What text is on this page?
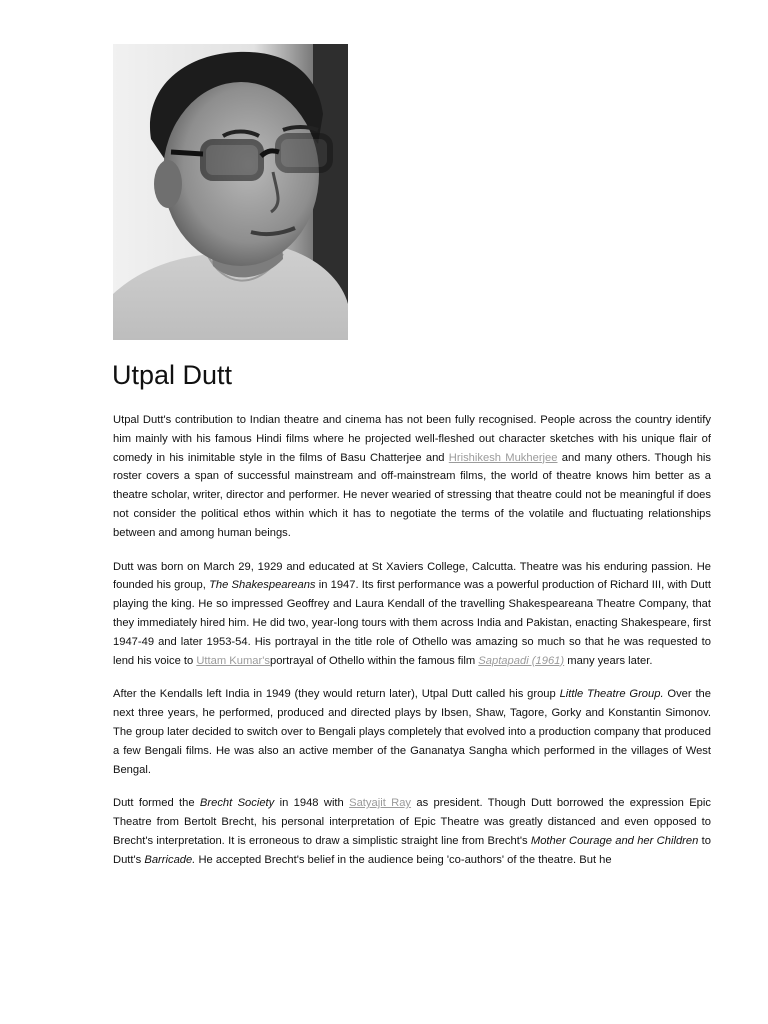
Utpal Dutt

Utpal Dutt's contribution to Indian theatre and cinema has not been fully recognised. People across the country identify him mainly with his famous Hindi films where he projected well-fleshed out character sketches with his unique flair of comedy in his inimitable style in the films of Basu Chatterjee and Hrishikesh Mukherjee and many others. Though his roster covers a span of successful mainstream and off-mainstream films, the world of theatre knows him better as a theatre scholar, writer, director and performer. He never wearied of stressing that theatre could not be meaningful if does not consider the political ethos within which it has to negotiate the terms of the volatile and fluctuating relationships between and among human beings.

Dutt was born on March 29, 1929 and educated at St Xaviers College, Calcutta. Theatre was his enduring passion. He founded his group, The Shakespeareans in 1947. Its first performance was a powerful production of Richard III, with Dutt playing the king. He so impressed Geoffrey and Laura Kendall of the travelling Shakespeareana Theatre Company, that they immediately hired him. He did two, year-long tours with them across India and Pakistan, enacting Shakespeare, first 1947-49 and later 1953-54. His portrayal in the title role of Othello was amazing so much so that he was requested to lend his voice to Uttam Kumar'sportrayal of Othello within the famous film Saptapadi (1961) many years later.

After the Kendalls left India in 1949 (they would return later), Utpal Dutt called his group Little Theatre Group. Over the next three years, he performed, produced and directed plays by Ibsen, Shaw, Tagore, Gorky and Konstantin Simonov. The group later decided to switch over to Bengali plays completely that evolved into a production company that produced a few Bengali films. He was also an active member of the Gananatya Sangha which performed in the villages of West Bengal.

Dutt formed the Brecht Society in 1948 with Satyajit Ray as president. Though Dutt borrowed the expression Epic Theatre from Bertolt Brecht, his personal interpretation of Epic Theatre was greatly distanced and even opposed to Brecht's interpretation. It is erroneous to draw a simplistic straight line from Brecht's Mother Courage and her Children to Dutt's Barricade. He accepted Brecht's belief in the audience being 'co-authors' of the theatre. But he
